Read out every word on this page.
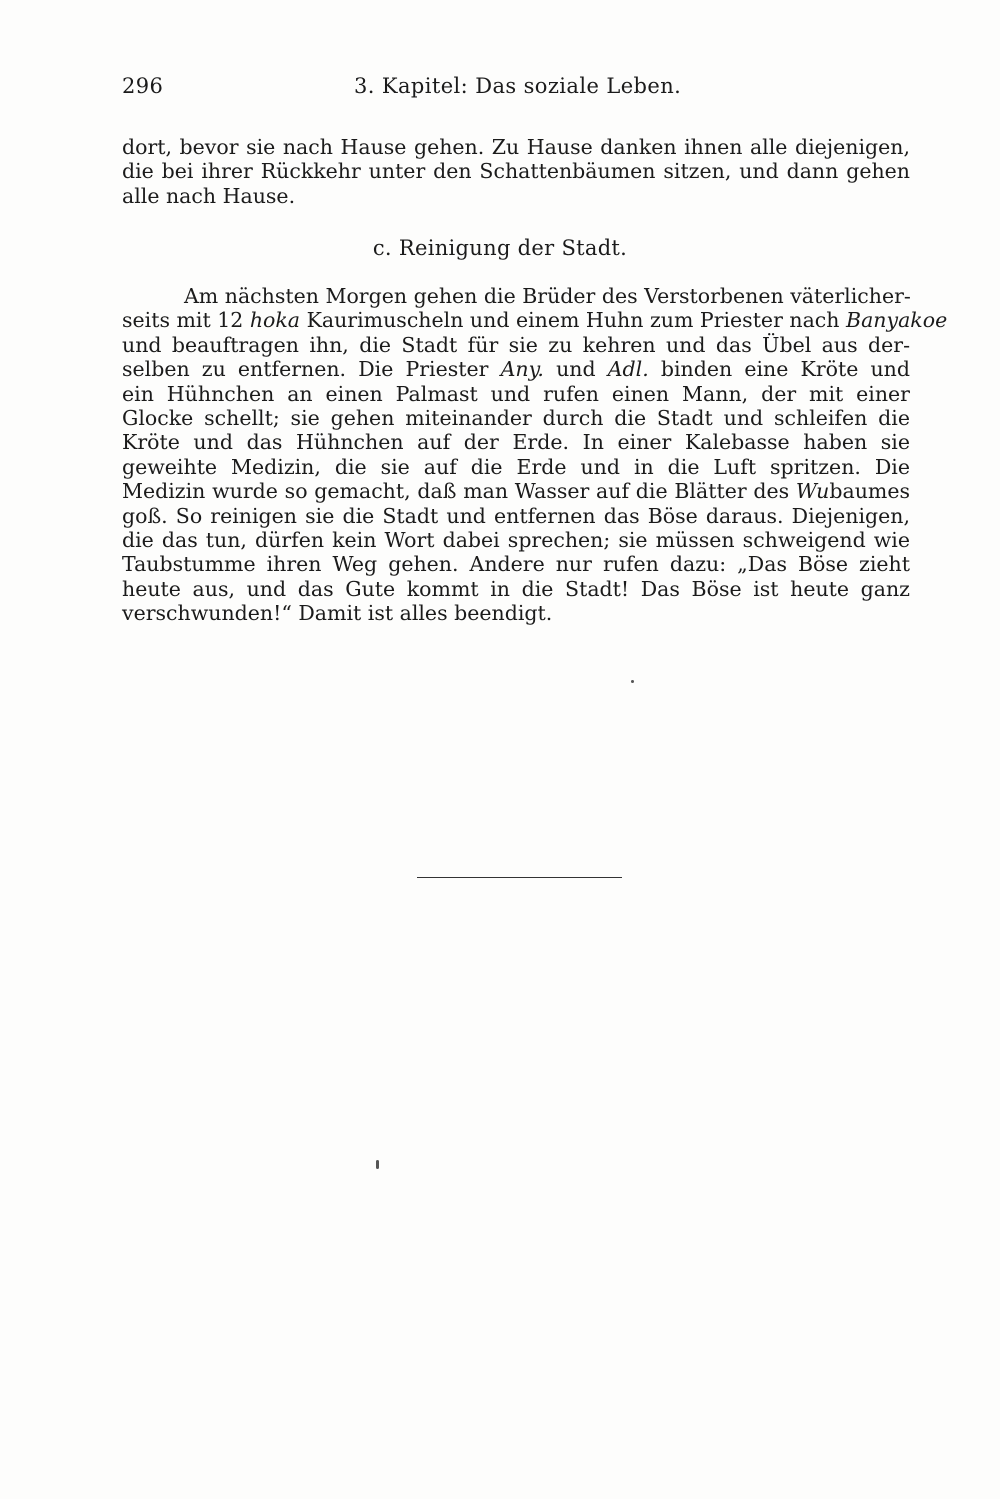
296	3. Kapitel: Das soziale Leben.
dort, bevor sie nach Hause gehen. Zu Hause danken ihnen alle diejenigen,
die bei ihrer Rückkehr unter den Schattenbäumen sitzen, und dann gehen
alle nach Hause.
c. Reinigung der Stadt.
Am nächsten Morgen gehen die Brüder des Verstorbenen väterlicher-
seits mit 12 hoka Kaurimuscheln und einem Huhn zum Priester nach Banyakoe
und beauftragen ihn, die Stadt für sie zu kehren und das Übel aus der-
selben zu entfernen. Die Priester Any. und Adl. binden eine Kröte und
ein Hühnchen an einen Palmast und rufen einen Mann, der mit einer
Glocke schellt; sie gehen miteinander durch die Stadt und schleifen die
Kröte und das Hühnchen auf der Erde. In einer Kalebasse haben sie
geweihte Medizin, die sie auf die Erde und in die Luft spritzen. Die
Medizin wurde so gemacht, daß man Wasser auf die Blätter des Wubaumes
goß. So reinigen sie die Stadt und entfernen das Böse daraus. Diejenigen,
die das tun, dürfen kein Wort dabei sprechen; sie müssen schweigend wie
Taubstumme ihren Weg gehen. Andere nur rufen dazu: „Das Böse zieht
heute aus, und das Gute kommt in die Stadt! Das Böse ist heute ganz
verschwunden!“ Damit ist alles beendigt.
